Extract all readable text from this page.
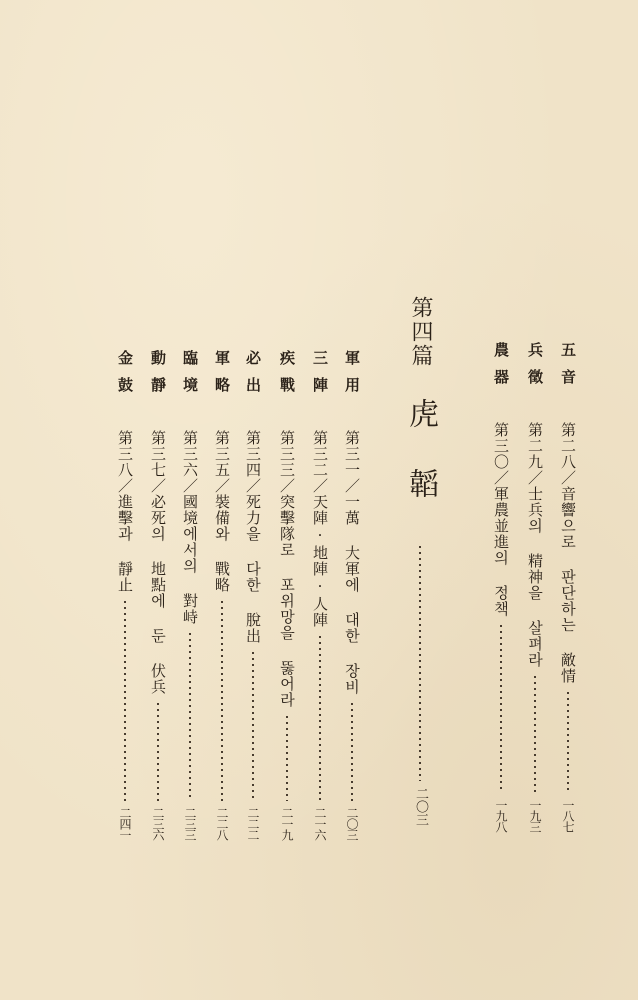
五音
第二八／音響으로 판단하는 敵情
一八七
兵徵
第二九／士兵의 精神을 살펴라
一九三
農器
第三〇／軍農並進의 정책
一九八
第四篇
虎韜
二〇三
軍用
第三一／一萬 大軍에 대한 장비
二〇三
三陣
第三二／天陣·地陣·人陣
二一六
疾戰
第三三／突擊隊로 포위망을 뚫어라
二一九
必出
第三四／死力을 다한 脫出
二二二
軍略
第三五／裝備와 戰略
二二八
臨境
第三六／國境에서의 對峙
二三三
動靜
第三七／必死의 地點에 둔 伏兵
二三六
金鼓
第三八／進擊과 靜止
二四一
